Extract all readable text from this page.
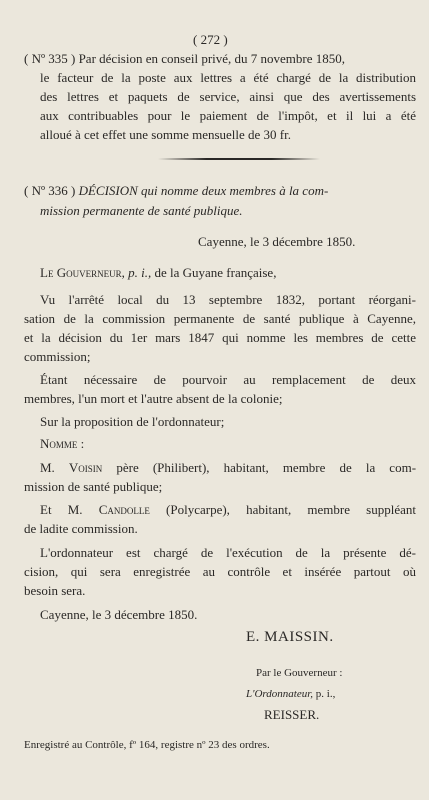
( 272 )
( Nº 335 ) Par décision en conseil privé, du 7 novembre 1850,
le facteur de la poste aux lettres a été chargé de la distribution
des lettres et paquets de service, ainsi que des avertissements
aux contribuables pour le paiement de l'impôt, et il lui a été
alloué à cet effet une somme mensuelle de 30 fr.
( Nº 336 ) DÉCISION qui nomme deux membres à la com-
mission permanente de santé publique.
Cayenne, le 3 décembre 1850.
Le Gouverneur, p. i., de la Guyane française,
Vu l'arrêté local du 13 septembre 1832, portant réorgani-
sation de la commission permanente de santé publique à Cayenne,
et la décision du 1er mars 1847 qui nomme les membres de cette
commission;
Étant nécessaire de pourvoir au remplacement de deux
membres, l'un mort et l'autre absent de la colonie;
Sur la proposition de l'ordonnateur;
Nomme :
M. Voisin père (Philibert), habitant, membre de la com-
mission de santé publique;
Et M. Candolle (Polycarpe), habitant, membre suppléant
de ladite commission.
L'ordonnateur est chargé de l'exécution de la présente dé-
cision, qui sera enregistrée au contrôle et insérée partout où
besoin sera.
Cayenne, le 3 décembre 1850.
E. MAISSIN.
Par le Gouverneur :
L'Ordonnateur, p. i.,
REISSER.
Enregistré au Contrôle, fº 164, registre nº 23 des ordres.
